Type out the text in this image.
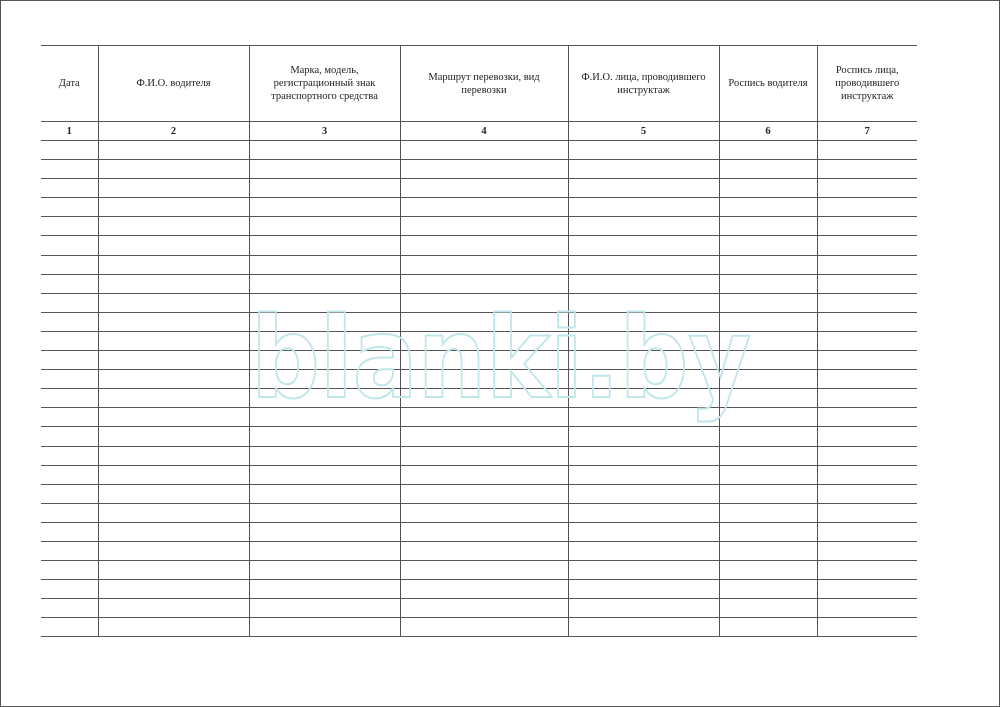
Дата	Ф.И.О. водителя	Марка, модель, регистрационный знак транспортного средства	Маршрут перевозки, вид перевозки	Ф.И.О. лица, проводившего инструктаж	Роспись водителя	Роспись лица, проводившего инструктаж
1	2	3	4	5	6	7

blanki.by
